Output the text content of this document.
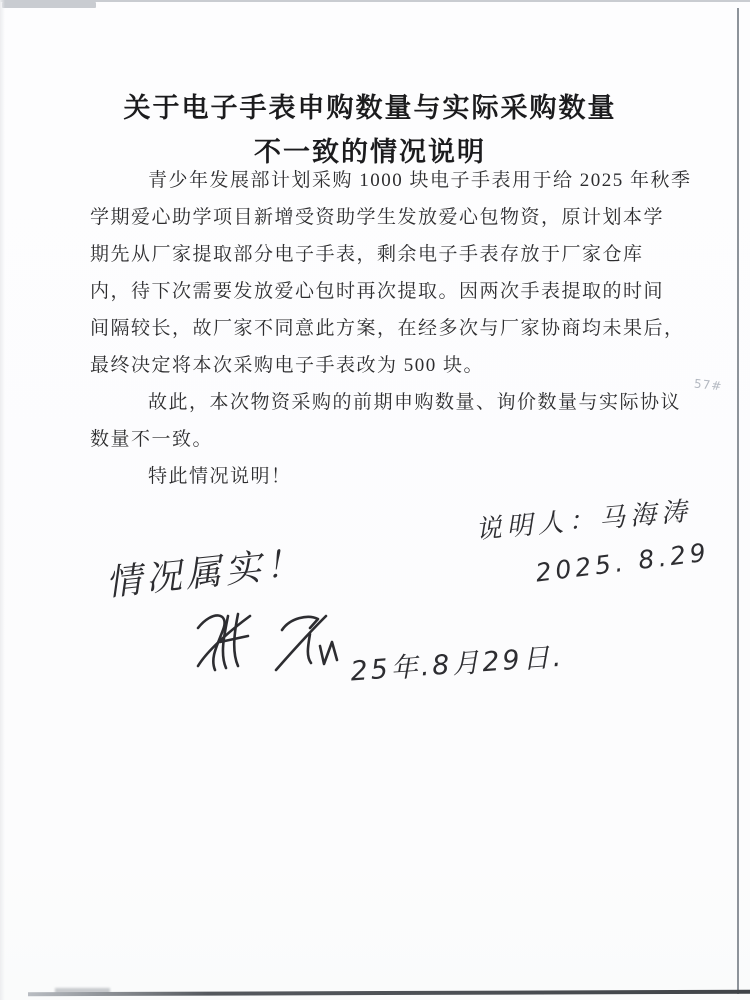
关于电子手表申购数量与实际采购数量
不一致的情况说明
青少年发展部计划采购 1000 块电子手表用于给 2025 年秋季
学期爱心助学项目新增受资助学生发放爱心包物资，原计划本学
期先从厂家提取部分电子手表，剩余电子手表存放于厂家仓库
内，待下次需要发放爱心包时再次提取。因两次手表提取的时间
间隔较长，故厂家不同意此方案，在经多次与厂家协商均未果后，
最终决定将本次采购电子手表改为 500 块。
故此，本次物资采购的前期申购数量、询价数量与实际协议
数量不一致。
特此情况说明！
说明人：马海涛
2025. 8.29
情况属实！
25年.8月29日.
57#
